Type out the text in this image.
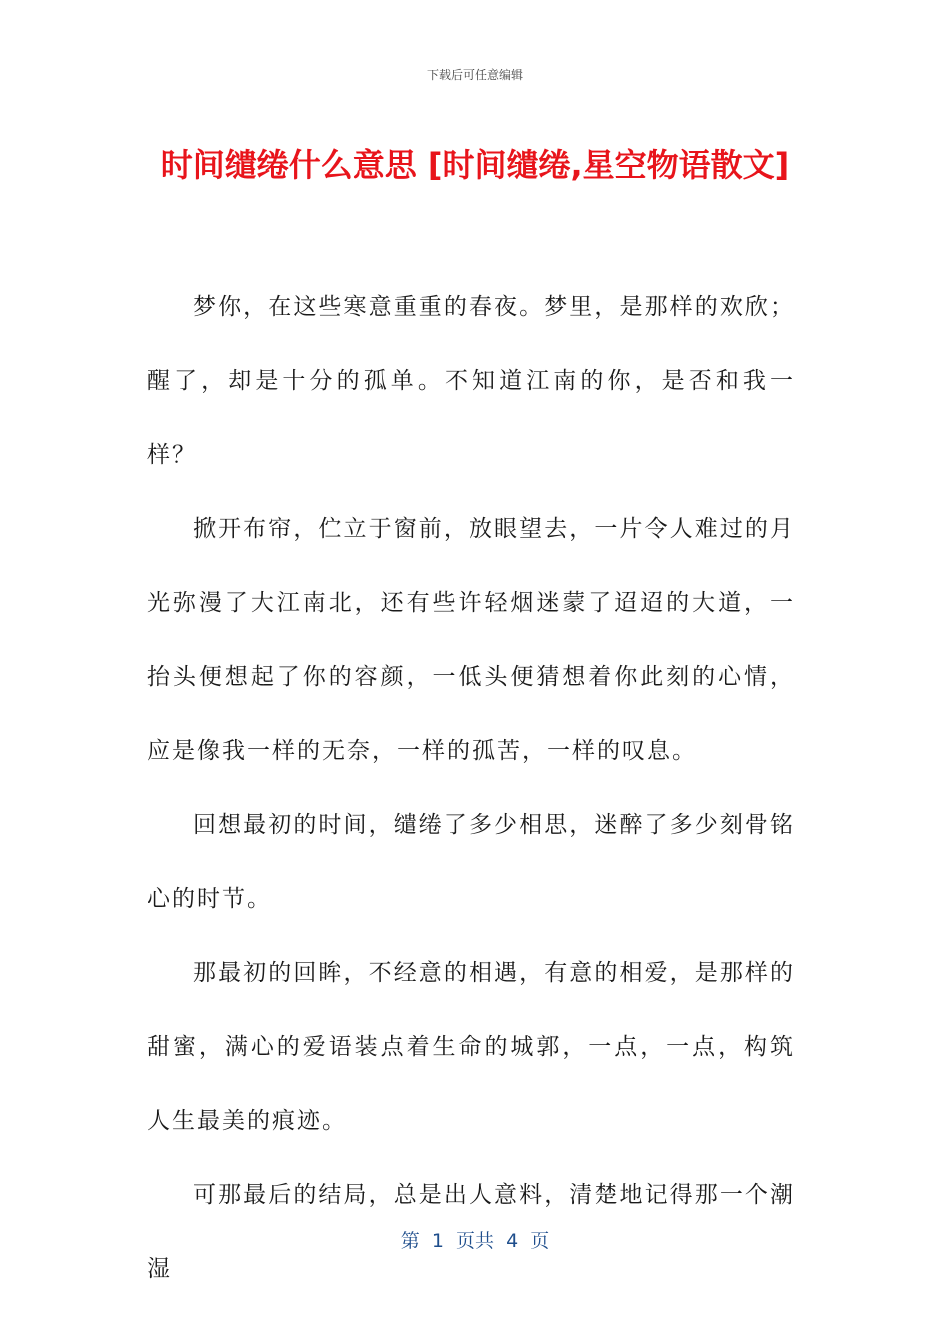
下载后可任意编辑
时间缱绻什么意思 [时间缱绻,星空物语散文]

梦你，在这些寒意重重的春夜。梦里，是那样的欢欣；醒了，却是十分的孤单。不知道江南的你，是否和我一样？

掀开布帘，伫立于窗前，放眼望去，一片令人难过的月光弥漫了大江南北，还有些许轻烟迷蒙了迢迢的大道，一抬头便想起了你的容颜，一低头便猜想着你此刻的心情，应是像我一样的无奈，一样的孤苦，一样的叹息。

回想最初的时间，缱绻了多少相思，迷醉了多少刻骨铭心的时节。

那最初的回眸，不经意的相遇，有意的相爱，是那样的甜蜜，满心的爱语装点着生命的城郭，一点，一点，构筑人生最美的痕迹。

可那最后的结局，总是出人意料，清楚地记得那一个潮湿

第  1  页共  4  页
